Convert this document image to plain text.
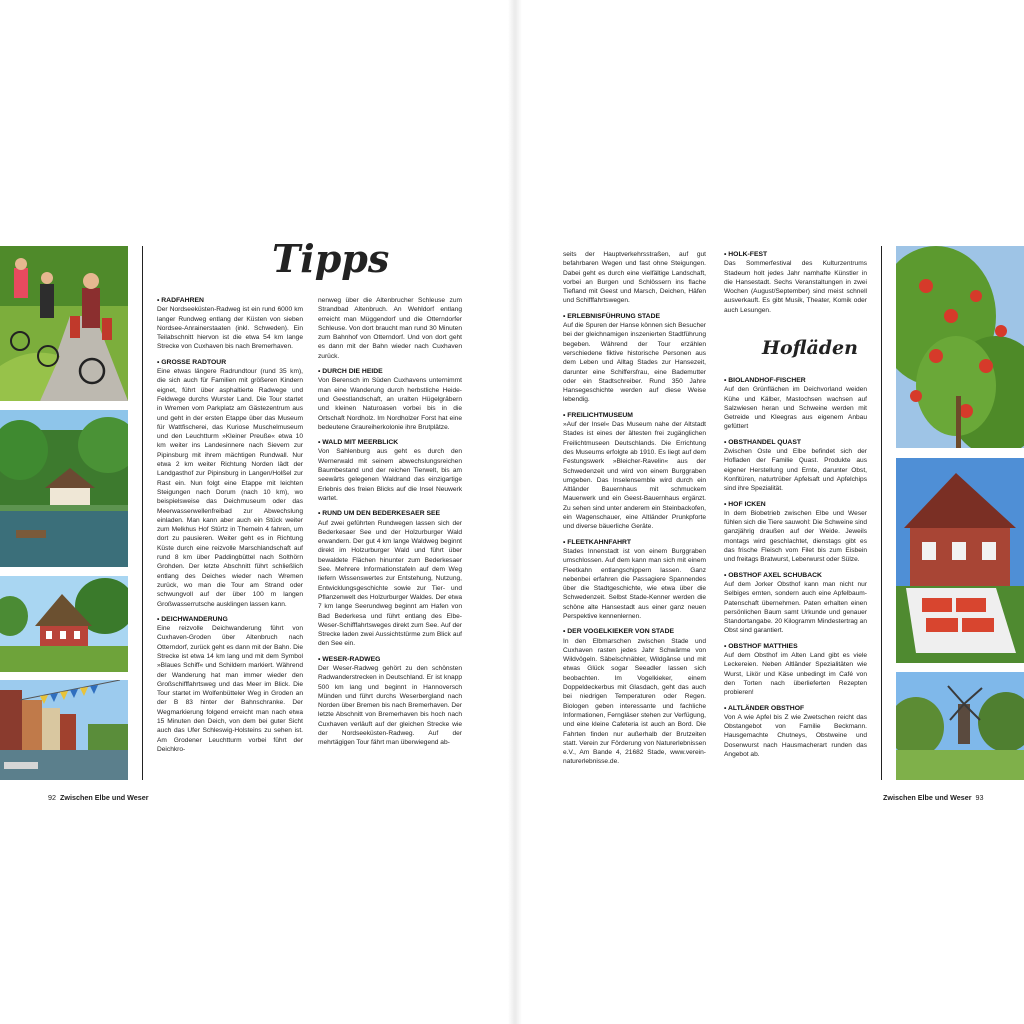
Tipps
• RADFAHREN

Der Nordseeküsten-Radweg ist ein rund 6000 km langer Rundweg entlang der Küsten von sieben Nordsee-Anrainerstaaten (inkl. Schweden). Ein Teilabschnitt hiervon ist die etwa 54 km lange Strecke von Cuxhaven bis nach Bremerhaven.

• GROSSE RADTOUR

Eine etwas längere Radrundtour (rund 35 km), die sich auch für Familien mit größeren Kindern eignet, führt über asphaltierte Radwege und Feldwege durchs Wurster Land. Die Tour startet in Wremen vom Parkplatz am Gästezentrum aus und geht in der ersten Etappe über das Museum für Wattfischerei, das Kuriose Muschelmuseum und den Leuchtturm »Kleiner Preuße« etwa 10 km weiter ins Landesinnere nach Sievern zur Pipinsburg mit ihrem mächtigen Rundwall. Nur etwa 2 km weiter Richtung Norden lädt der Landgasthof zur Pipinsburg in Langen/Holßel zur Rast ein. Nun folgt eine Etappe mit leichten Steigungen nach Dorum (nach 10 km), wo beispielsweise das Deichmuseum oder das Meerwasserwellenfreibad zur Abwechslung einladen. Man kann aber auch ein Stück weiter zum Melkhus Hof Stürtz in Themeln 4 fahren, um dort zu pausieren. Weiter geht es in Richtung Küste durch eine reizvolle Marschlandschaft auf rund 8 km über Paddingbüttel nach Solthörn Grohden. Der letzte Abschnitt führt schließlich entlang des Deiches wieder nach Wremen zurück, wo man die Tour am Strand oder schwungvoll auf der über 100 m langen Großwasserrutsche ausklingen lassen kann.

• DEICHWANDERUNG

Eine reizvolle Deichwanderung führt von Cuxhaven-Groden über Altenbruch nach Otterndorf, zurück geht es dann mit der Bahn. Die Strecke ist etwa 14 km lang und mit dem Symbol »Blaues Schiff« und Schildern markiert. Während der Wanderung hat man immer wieder den Großschifffahrtsweg und das Meer im Blick. Die Tour startet im Wolfenbütteler Weg in Groden an der B 83 hinter der Bahnschranke. Der Wegmarkierung folgend erreicht man nach etwa 15 Minuten den Deich, von dem bei guter Sicht auch das Ufer Schleswig-Holsteins zu sehen ist. Am Grodener Leuchtturm vorbei führt der Deichkro-

nenweg über die Altenbrucher Schleuse zum Strandbad Altenbruch. An Wehldorf entlang erreicht man Müggendorf und die Otterndorfer Schleuse. Von dort braucht man rund 30 Minuten zum Bahnhof von Otterndorf. Und von dort geht es dann mit der Bahn wieder nach Cuxhaven zurück.

• DURCH DIE HEIDE

Von Berensch im Süden Cuxhavens unternimmt man eine Wanderung durch herbstliche Heide- und Geestlandschaft, an uralten Hügelgräbern und kleinen Naturoasen vorbei bis in die Ortschaft Nordholz. Im Nordholzer Forst hat eine bedeutene Graureiherkolonie ihre Brutplätze.

• WALD MIT MEERBLICK

Von Sahlenburg aus geht es durch den Wernerwald mit seinem abwechslungsreichen Baumbestand und der reichen Tierwelt, bis am seewärts gelegenen Waldrand das einzigartige Erlebnis des freien Blicks auf die Insel Neuwerk wartet.

• RUND UM DEN BEDERKESAER SEE

Auf zwei geführten Rundwegen lassen sich der Bederkesaer See und der Holzurburger Wald erwandern. Der gut 4 km lange Waldweg beginnt direkt im Holzurburger Wald und führt über bewaldete Flächen hinunter zum Bederkesaer See. Mehrere Informationstafeln auf dem Weg liefern Wissenswertes zur Entstehung, Nutzung, Entwicklungsgeschichte sowie zur Tier- und Pflanzenwelt des Holzurburger Waldes. Der etwa 7 km lange Seerundweg beginnt am Hafen von Bad Bederkesa und führt entlang des Elbe-Weser-Schifffahrtsweges direkt zum See. Auf der Strecke laden zwei Aussichtstürme zum Blick auf den See ein.

• WESER-RADWEG

Der Weser-Radweg gehört zu den schönsten Radwanderstrecken in Deutschland. Er ist knapp 500 km lang und beginnt in Hannoversch Münden und führt durchs Weserbergland nach Norden über Bremen bis nach Bremerhaven. Der letzte Abschnitt von Bremerhaven bis hoch nach Cuxhaven verläuft auf der gleichen Strecke wie der Nordseeküsten-Radweg. Auf der mehrtägigen Tour fährt man überwiegend ab-

92 Zwischen Elbe und Weser

seits der Hauptverkehrsstraßen, auf gut befahrbaren Wegen und fast ohne Steigungen. Dabei geht es durch eine vielfältige Landschaft, vorbei an Burgen und Schlössern ins flache Tiefland mit Geest und Marsch, Deichen, Häfen und Schifffahrtswegen.

• ERLEBNISFÜHRUNG STADE

Auf die Spuren der Hanse können sich Besucher bei der gleichnamigen inszenierten Stadtführung begeben. Während der Tour erzählen verschiedene fiktive historische Personen aus dem Leben und Alltag Stades zur Hansezeit, darunter eine Schiffersfrau, eine Bademutter oder ein Stadtschreiber. Rund 350 Jahre Hansegeschichte werden auf diese Weise lebendig.

• FREILICHTMUSEUM

»Auf der Insel« Das Museum nahe der Altstadt Stades ist eines der ältesten frei zugänglichen Freilichtmuseen Deutschlands. Die Errichtung des Museums erfolgte ab 1910. Es liegt auf dem Festungswerk »Bleicher-Ravelin« aus der Schwedenzeit und wird von einem Burggraben umgeben. Das Inselensemble wird durch ein Altländer Bauernhaus mit schmuckem Mauerwerk und ein Geest-Bauernhaus ergänzt. Zu sehen sind unter anderem ein Steinbackofen, ein Wagenschauer, eine Altländer Prunkpforte und diverse bäuerliche Geräte.

• FLEETKAHNFAHRT

Stades Innenstadt ist von einem Burggraben umschlossen. Auf dem kann man sich mit einem Fleetkahn entlangschippern lassen. Ganz nebenbei erfahren die Passagiere Spannendes über die Stadtgeschichte, wie etwa über die Schwedenzeit. Selbst Stade-Kenner werden die schöne alte Hansestadt aus einer ganz neuen Perspektive kennenlernen.

• DER VOGELKIEKER VON STADE

In den Elbmarschen zwischen Stade und Cuxhaven rasten jedes Jahr Schwärme von Wildvögeln. Säbelschnäbler, Wildgänse und mit etwas Glück sogar Seeadler lassen sich beobachten. Im Vogelkieker, einem Doppeldeckerbus mit Glasdach, geht das auch bei niedrigen Temperaturen oder Regen. Biologen geben interessante und fachliche Informationen, Ferngläser stehen zur Verfügung, und eine kleine Cafeteria ist auch an Bord. Die Fahrten finden nur außerhalb der Brutzeiten statt. Verein zur Förderung von Naturerlebnissen e.V., Am Bande 4, 21682 Stade, www.verein-naturerlebnisse.de.

• HOLK-FEST

Das Sommerfestival des Kulturzentrums Stadeum holt jedes Jahr namhafte Künstler in die Hansestadt. Sechs Veranstaltungen in zwei Wochen (August/September) sind meist schnell ausverkauft. Es gibt Musik, Theater, Komik oder auch Lesungen.

Hofläden
• BIOLANDHOF-FISCHER

Auf den Grünflächen im Deichvorland weiden Kühe und Kälber, Mastochsen wachsen auf Salzwiesen heran und Schweine werden mit Getreide und Kleegras aus eigenem Anbau gefüttert

• OBSTHANDEL QUAST

Zwischen Oste und Elbe befindet sich der Hofladen der Familie Quast. Produkte aus eigener Herstellung und Ernte, darunter Obst, Konfitüren, naturtrüber Apfelsaft und Apfelchips sind ihre Spezialität.

• HOF ICKEN

In dem Biobetrieb zwischen Elbe und Weser fühlen sich die Tiere sauwohl: Die Schweine sind ganzjährig draußen auf der Weide. Jeweils montags wird geschlachtet, dienstags gibt es das frische Fleisch vom Filet bis zum Eisbein und freitags Bratwurst, Leberwurst oder Sülze.

• OBSTHOF AXEL SCHUBACK

Auf dem Jorker Obsthof kann man nicht nur Selbiges ernten, sondern auch eine Apfelbaum-Patenschaft übernehmen. Paten erhalten einen persönlichen Baum samt Urkunde und genauer Standortangabe. 20 Kilogramm Mindestertrag an Obst sind garantiert.

• OBSTHOF MATTHIES

Auf dem Obsthof im Alten Land gibt es viele Leckereien. Neben Altländer Spezialitäten wie Wurst, Likör und Käse unbedingt im Café von den Torten nach überlieferten Rezepten probieren!

• ALTLÄNDER OBSTHOF

Von A wie Apfel bis Z wie Zwetschen reicht das Obstangebot von Familie Beckmann. Hausgemachte Chutneys, Obstweine und Dosenwurst nach Hausmacherart runden das Angebot ab.

Zwischen Elbe und Weser 93
